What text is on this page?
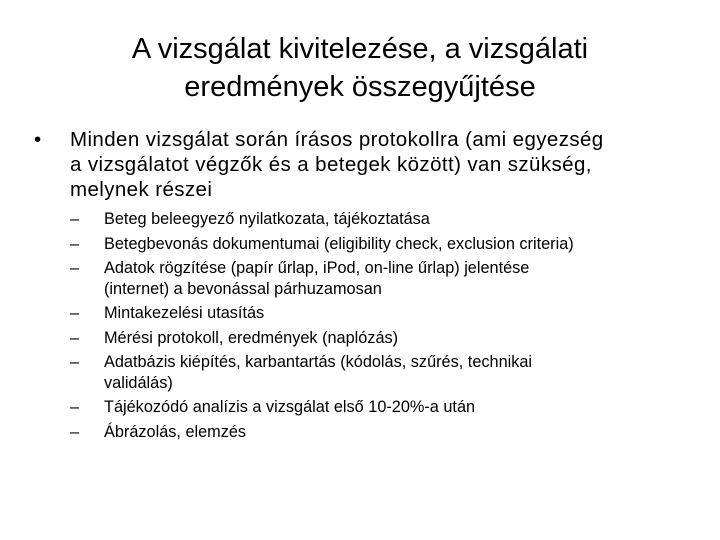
A vizsgálat kivitelezése, a vizsgálati
eredmények összegyűjtése
• Minden vizsgálat során írásos protokollra (ami egyezség
a vizsgálatot végzők és a betegek között) van szükség,
melynek részei
– Beteg beleegyező nyilatkozata, tájékoztatása
– Betegbevonás dokumentumai (eligibility check, exclusion criteria)
– Adatok rögzítése (papír űrlap, iPod, on-line űrlap) jelentése
(internet) a bevonással párhuzamosan
– Mintakezelési utasítás
– Mérési protokoll, eredmények (naplózás)
– Adatbázis kiépítés, karbantartás (kódolás, szűrés, technikai
validálás)
– Tájékozódó analízis a vizsgálat első 10-20%-a után
– Ábrázolás, elemzés
